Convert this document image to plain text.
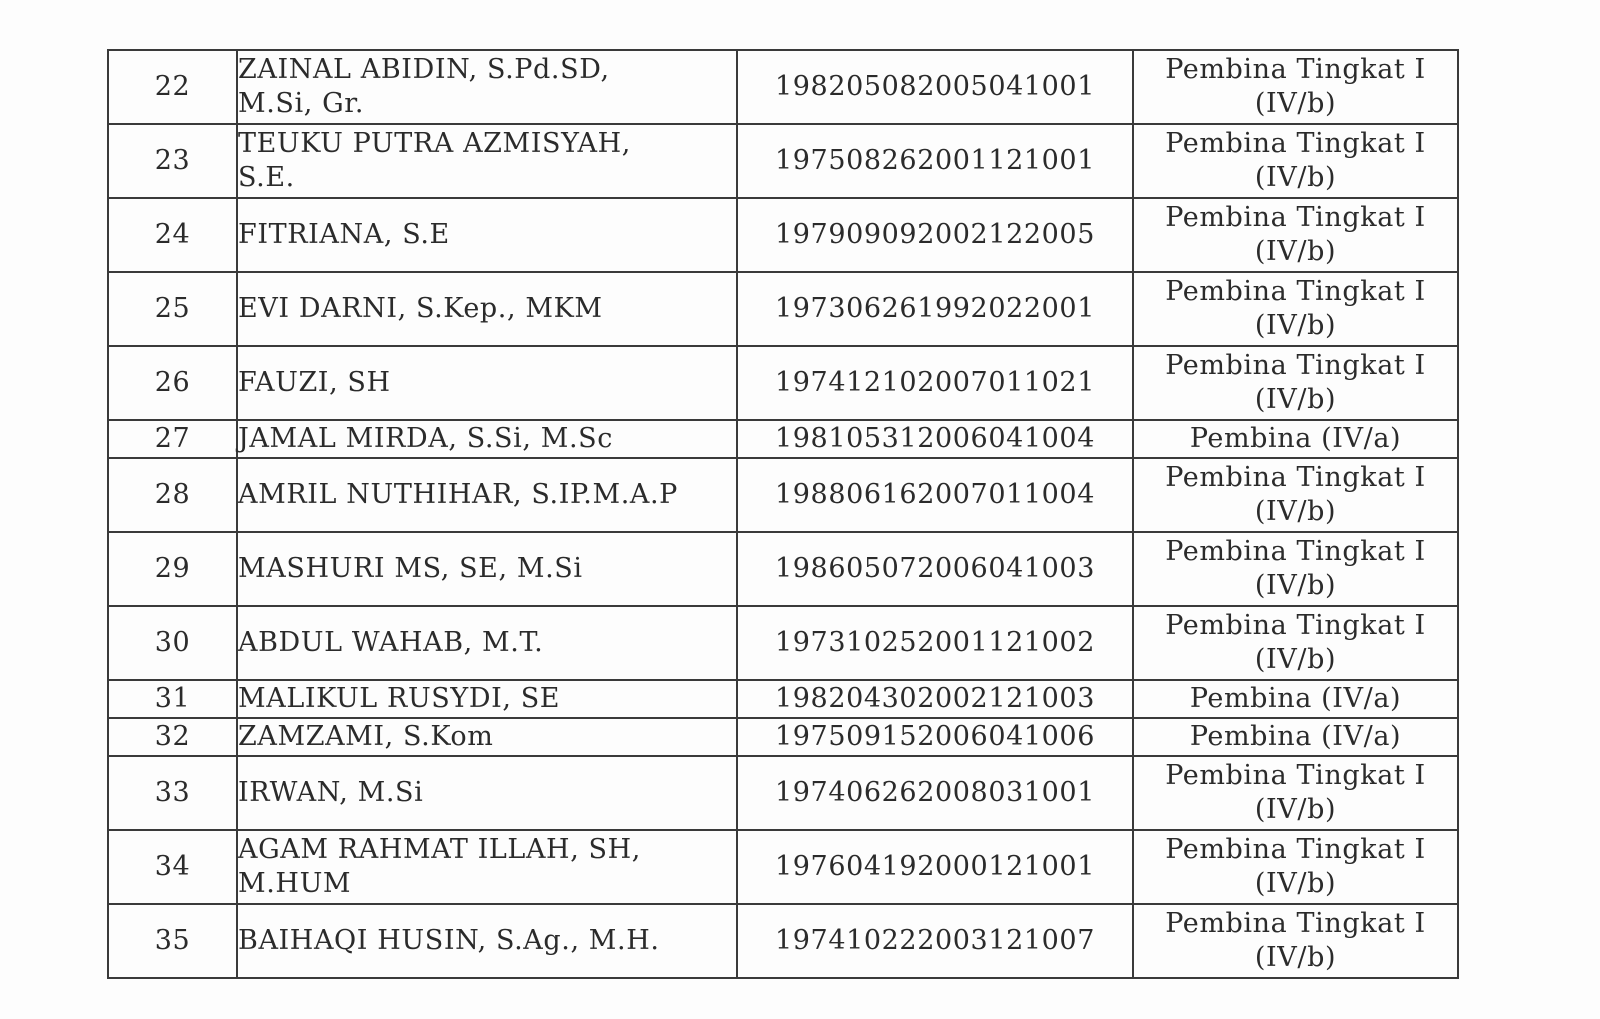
22	ZAINAL ABIDIN, S.Pd.SD,
M.Si, Gr.	198205082005041001	Pembina Tingkat I
(IV/b)

23	TEUKU PUTRA AZMISYAH,
S.E.	197508262001121001	Pembina Tingkat I
(IV/b)

24	FITRIANA, S.E	197909092002122005	Pembina Tingkat I
(IV/b)

25	EVI DARNI, S.Kep., MKM	197306261992022001	Pembina Tingkat I
(IV/b)

26	FAUZI, SH	197412102007011021	Pembina Tingkat I
(IV/b)

27	JAMAL MIRDA, S.Si, M.Sc	198105312006041004	Pembina (IV/a)

28	AMRIL NUTHIHAR, S.IP.M.A.P	198806162007011004	Pembina Tingkat I
(IV/b)

29	MASHURI MS, SE, M.Si	198605072006041003	Pembina Tingkat I
(IV/b)

30	ABDUL WAHAB, M.T.	197310252001121002	Pembina Tingkat I
(IV/b)

31	MALIKUL RUSYDI, SE	198204302002121003	Pembina (IV/a)

32	ZAMZAMI, S.Kom	197509152006041006	Pembina (IV/a)

33	IRWAN, M.Si	197406262008031001	Pembina Tingkat I
(IV/b)

34	AGAM RAHMAT ILLAH, SH,
M.HUM	197604192000121001	Pembina Tingkat I
(IV/b)

35	BAIHAQI HUSIN, S.Ag., M.H.	197410222003121007	Pembina Tingkat I
(IV/b)
